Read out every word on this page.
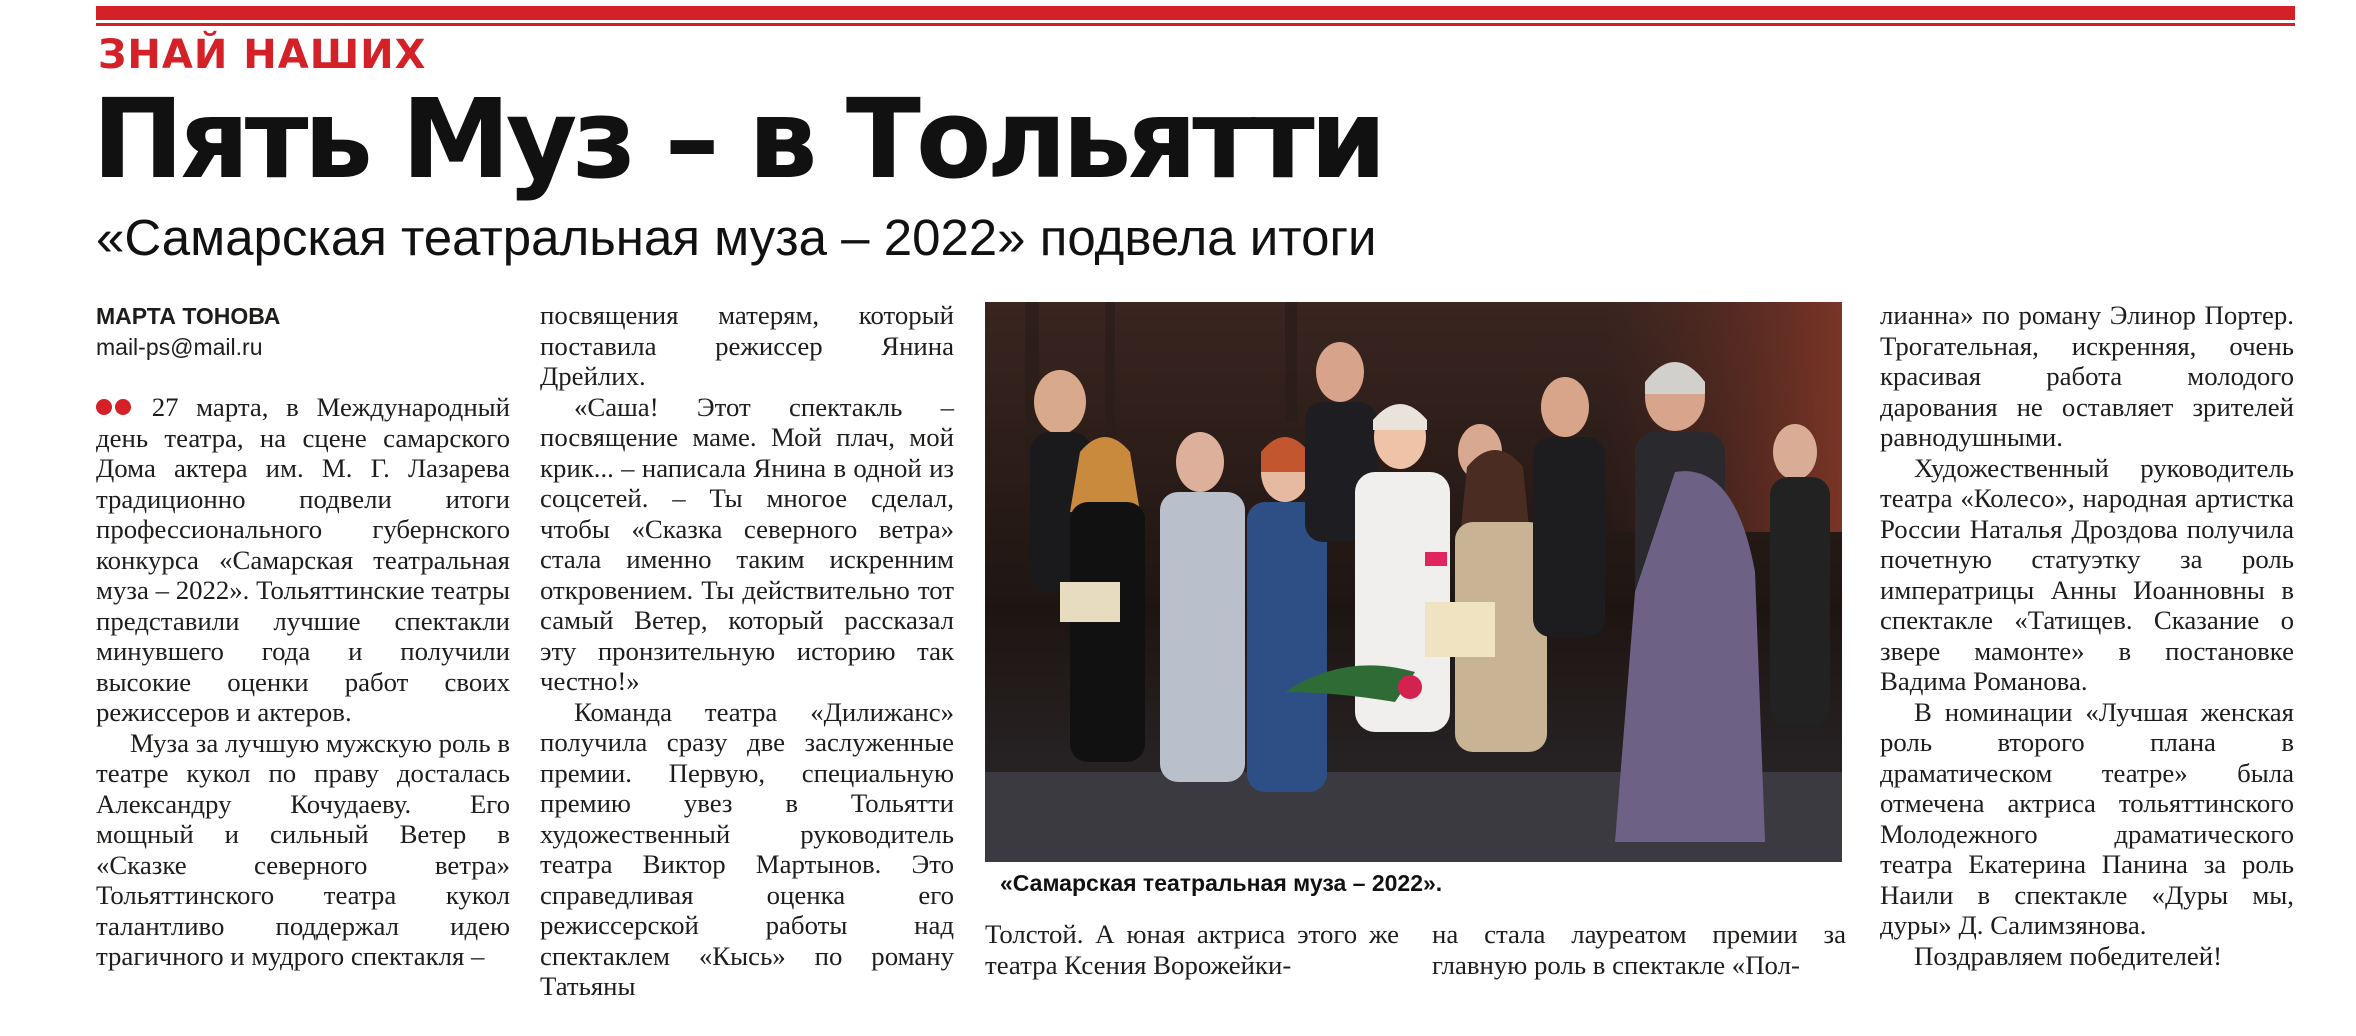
ЗНАЙ НАШИХ
Пять Муз – в Тольятти
«Самарская театральная муза – 2022» подвела итоги
МАРТА ТОНОВА
mail-ps@mail.ru

27 марта, в Международный день театра, на сцене самарского Дома актера им. М. Г. Лазарева традиционно подвели итоги профессионального губернского конкурса «Самарская театральная муза – 2022». Тольяттинские театры представили лучшие спектакли минувшего года и получили высокие оценки работ своих режиссеров и актеров.

Муза за лучшую мужскую роль в театре кукол по праву досталась Александру Кочудаеву. Его мощный и сильный Ветер в «Сказке северного ветра» Тольяттинского театра кукол талантливо поддержал идею трагичного и мудрого спектакля –

посвящения матерям, который поставила режиссер Янина Дрейлих.

«Саша! Этот спектакль – посвящение маме. Мой плач, мой крик... – написала Янина в одной из соцсетей. – Ты многое сделал, чтобы «Сказка северного ветра» стала именно таким искренним откровением. Ты действительно тот самый Ветер, который рассказал эту пронзительную историю так честно!»

Команда театра «Дилижанс» получила сразу две заслуженные премии. Первую, специальную премию увез в Тольятти художественный руководитель театра Виктор Мартынов. Это справедливая оценка его режиссерской работы над спектаклем «Кысь» по роману Татьяны

«Самарская театральная муза – 2022».

Толстой. А юная актриса этого же театра Ксения Ворожейки-

на стала лауреатом премии за главную роль в спектакле «Пол-

лианна» по роману Элинор Портер. Трогательная, искренняя, очень красивая работа молодого дарования не оставляет зрителей равнодушными.

Художественный руководитель театра «Колесо», народная артистка России Наталья Дроздова получила почетную статуэтку за роль императрицы Анны Иоанновны в спектакле «Татищев. Сказание о звере мамонте» в постановке Вадима Романова.

В номинации «Лучшая женская роль второго плана в драматическом театре» была отмечена актриса тольяттинского Молодежного драматического театра Екатерина Панина за роль Наили в спектакле «Дуры мы, дуры» Д. Салимзянова.

Поздравляем победителей!
